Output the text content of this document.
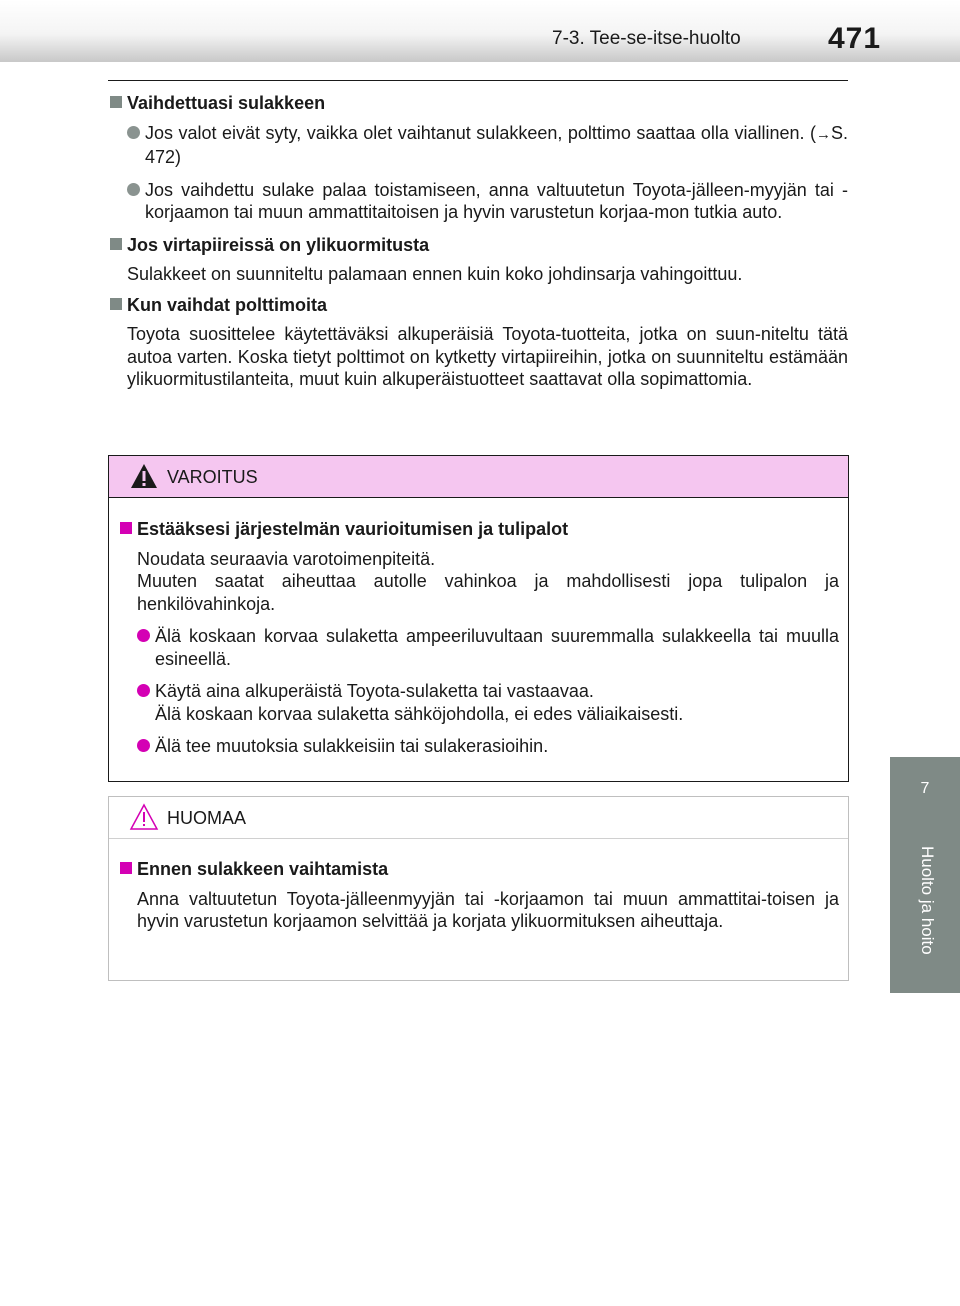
7-3. Tee-se-itse-huolto	471
7
Huolto ja hoito
Vaihdettuasi sulakkeen
Jos valot eivät syty, vaikka olet vaihtanut sulakkeen, polttimo saattaa olla viallinen. (→S. 472)
Jos vaihdettu sulake palaa toistamiseen, anna valtuutetun Toyota-jälleen-myyjän tai -korjaamon tai muun ammattitaitoisen ja hyvin varustetun korjaa-mon tutkia auto.
Jos virtapiireissä on ylikuormitusta
Sulakkeet on suunniteltu palamaan ennen kuin koko johdinsarja vahingoittuu.
Kun vaihdat polttimoita
Toyota suosittelee käytettäväksi alkuperäisiä Toyota-tuotteita, jotka on suun-niteltu tätä autoa varten. Koska tietyt polttimot on kytketty virtapiireihin, jotka on suunniteltu estämään ylikuormitustilanteita, muut kuin alkuperäistuotteet saattavat olla sopimattomia.
VAROITUS
Estääksesi järjestelmän vaurioitumisen ja tulipalot
Noudata seuraavia varotoimenpiteitä.
Muuten saatat aiheuttaa autolle vahinkoa ja mahdollisesti jopa tulipalon ja henkilövahinkoja.
Älä koskaan korvaa sulaketta ampeeriluvultaan suuremmalla sulakkeella tai muulla esineellä.
Käytä aina alkuperäistä Toyota-sulaketta tai vastaavaa.
Älä koskaan korvaa sulaketta sähköjohdolla, ei edes väliaikaisesti.
Älä tee muutoksia sulakkeisiin tai sulakerasioihin.
HUOMAA
Ennen sulakkeen vaihtamista
Anna valtuutetun Toyota-jälleenmyyjän tai -korjaamon tai muun ammattitai-toisen ja hyvin varustetun korjaamon selvittää ja korjata ylikuormituksen aiheuttaja.
